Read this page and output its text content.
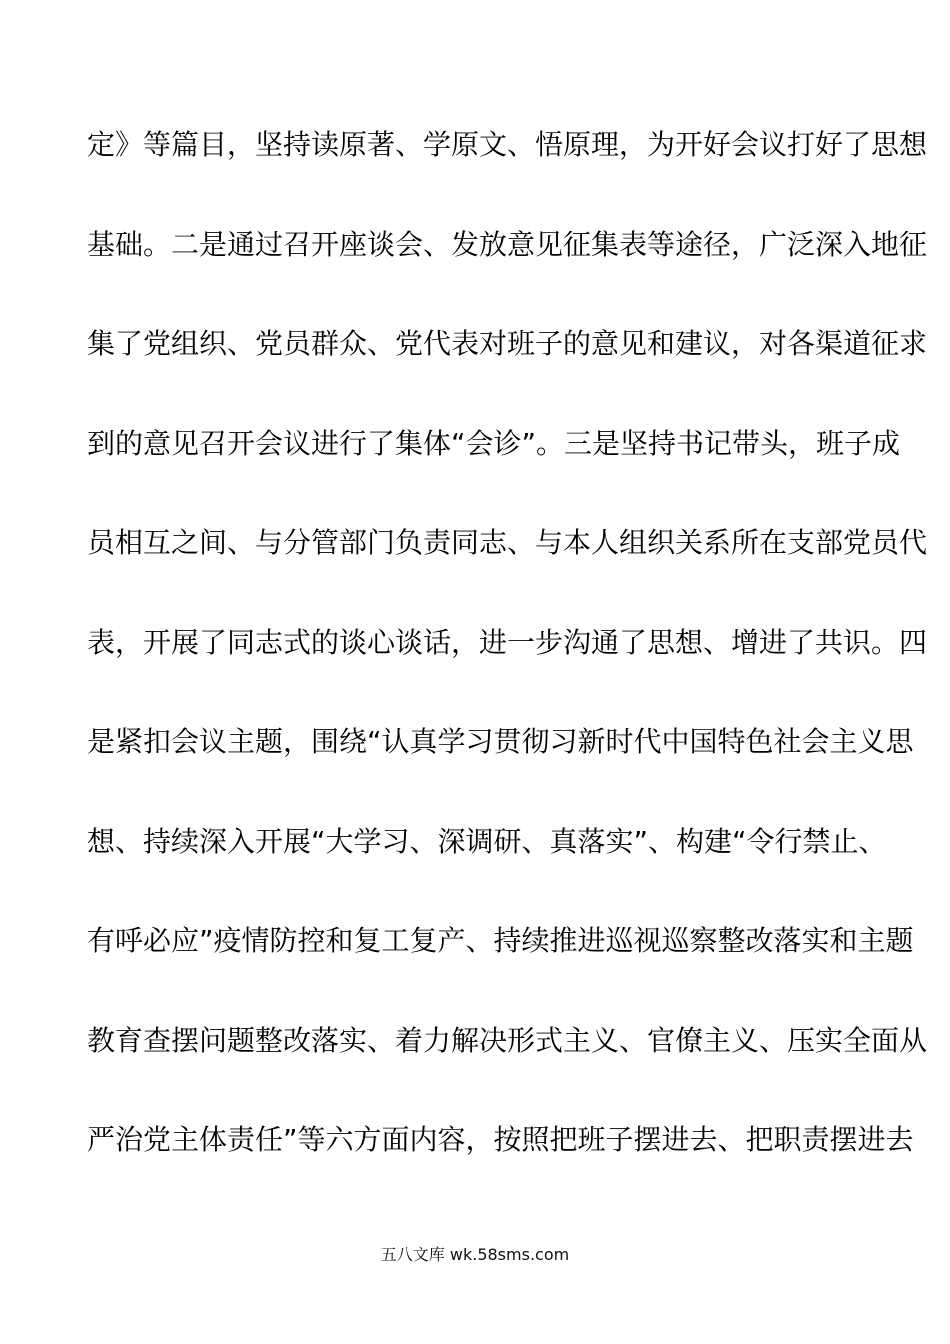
定》等篇目，坚持读原著、学原文、悟原理，为开好会议打好了思想
基础。二是通过召开座谈会、发放意见征集表等途径，广泛深入地征
集了党组织、党员群众、党代表对班子的意见和建议，对各渠道征求
到的意见召开会议进行了集体“会诊”。三是坚持书记带头，班子成
员相互之间、与分管部门负责同志、与本人组织关系所在支部党员代
表，开展了同志式的谈心谈话，进一步沟通了思想、增进了共识。四
是紧扣会议主题，围绕“认真学习贯彻习新时代中国特色社会主义思
想、持续深入开展“大学习、深调研、真落实”、构建“令行禁止、
有呼必应”疫情防控和复工复产、持续推进巡视巡察整改落实和主题
教育查摆问题整改落实、着力解决形式主义、官僚主义、压实全面从
严治党主体责任”等六方面内容，按照把班子摆进去、把职责摆进去
五八文库 wk.58sms.com
